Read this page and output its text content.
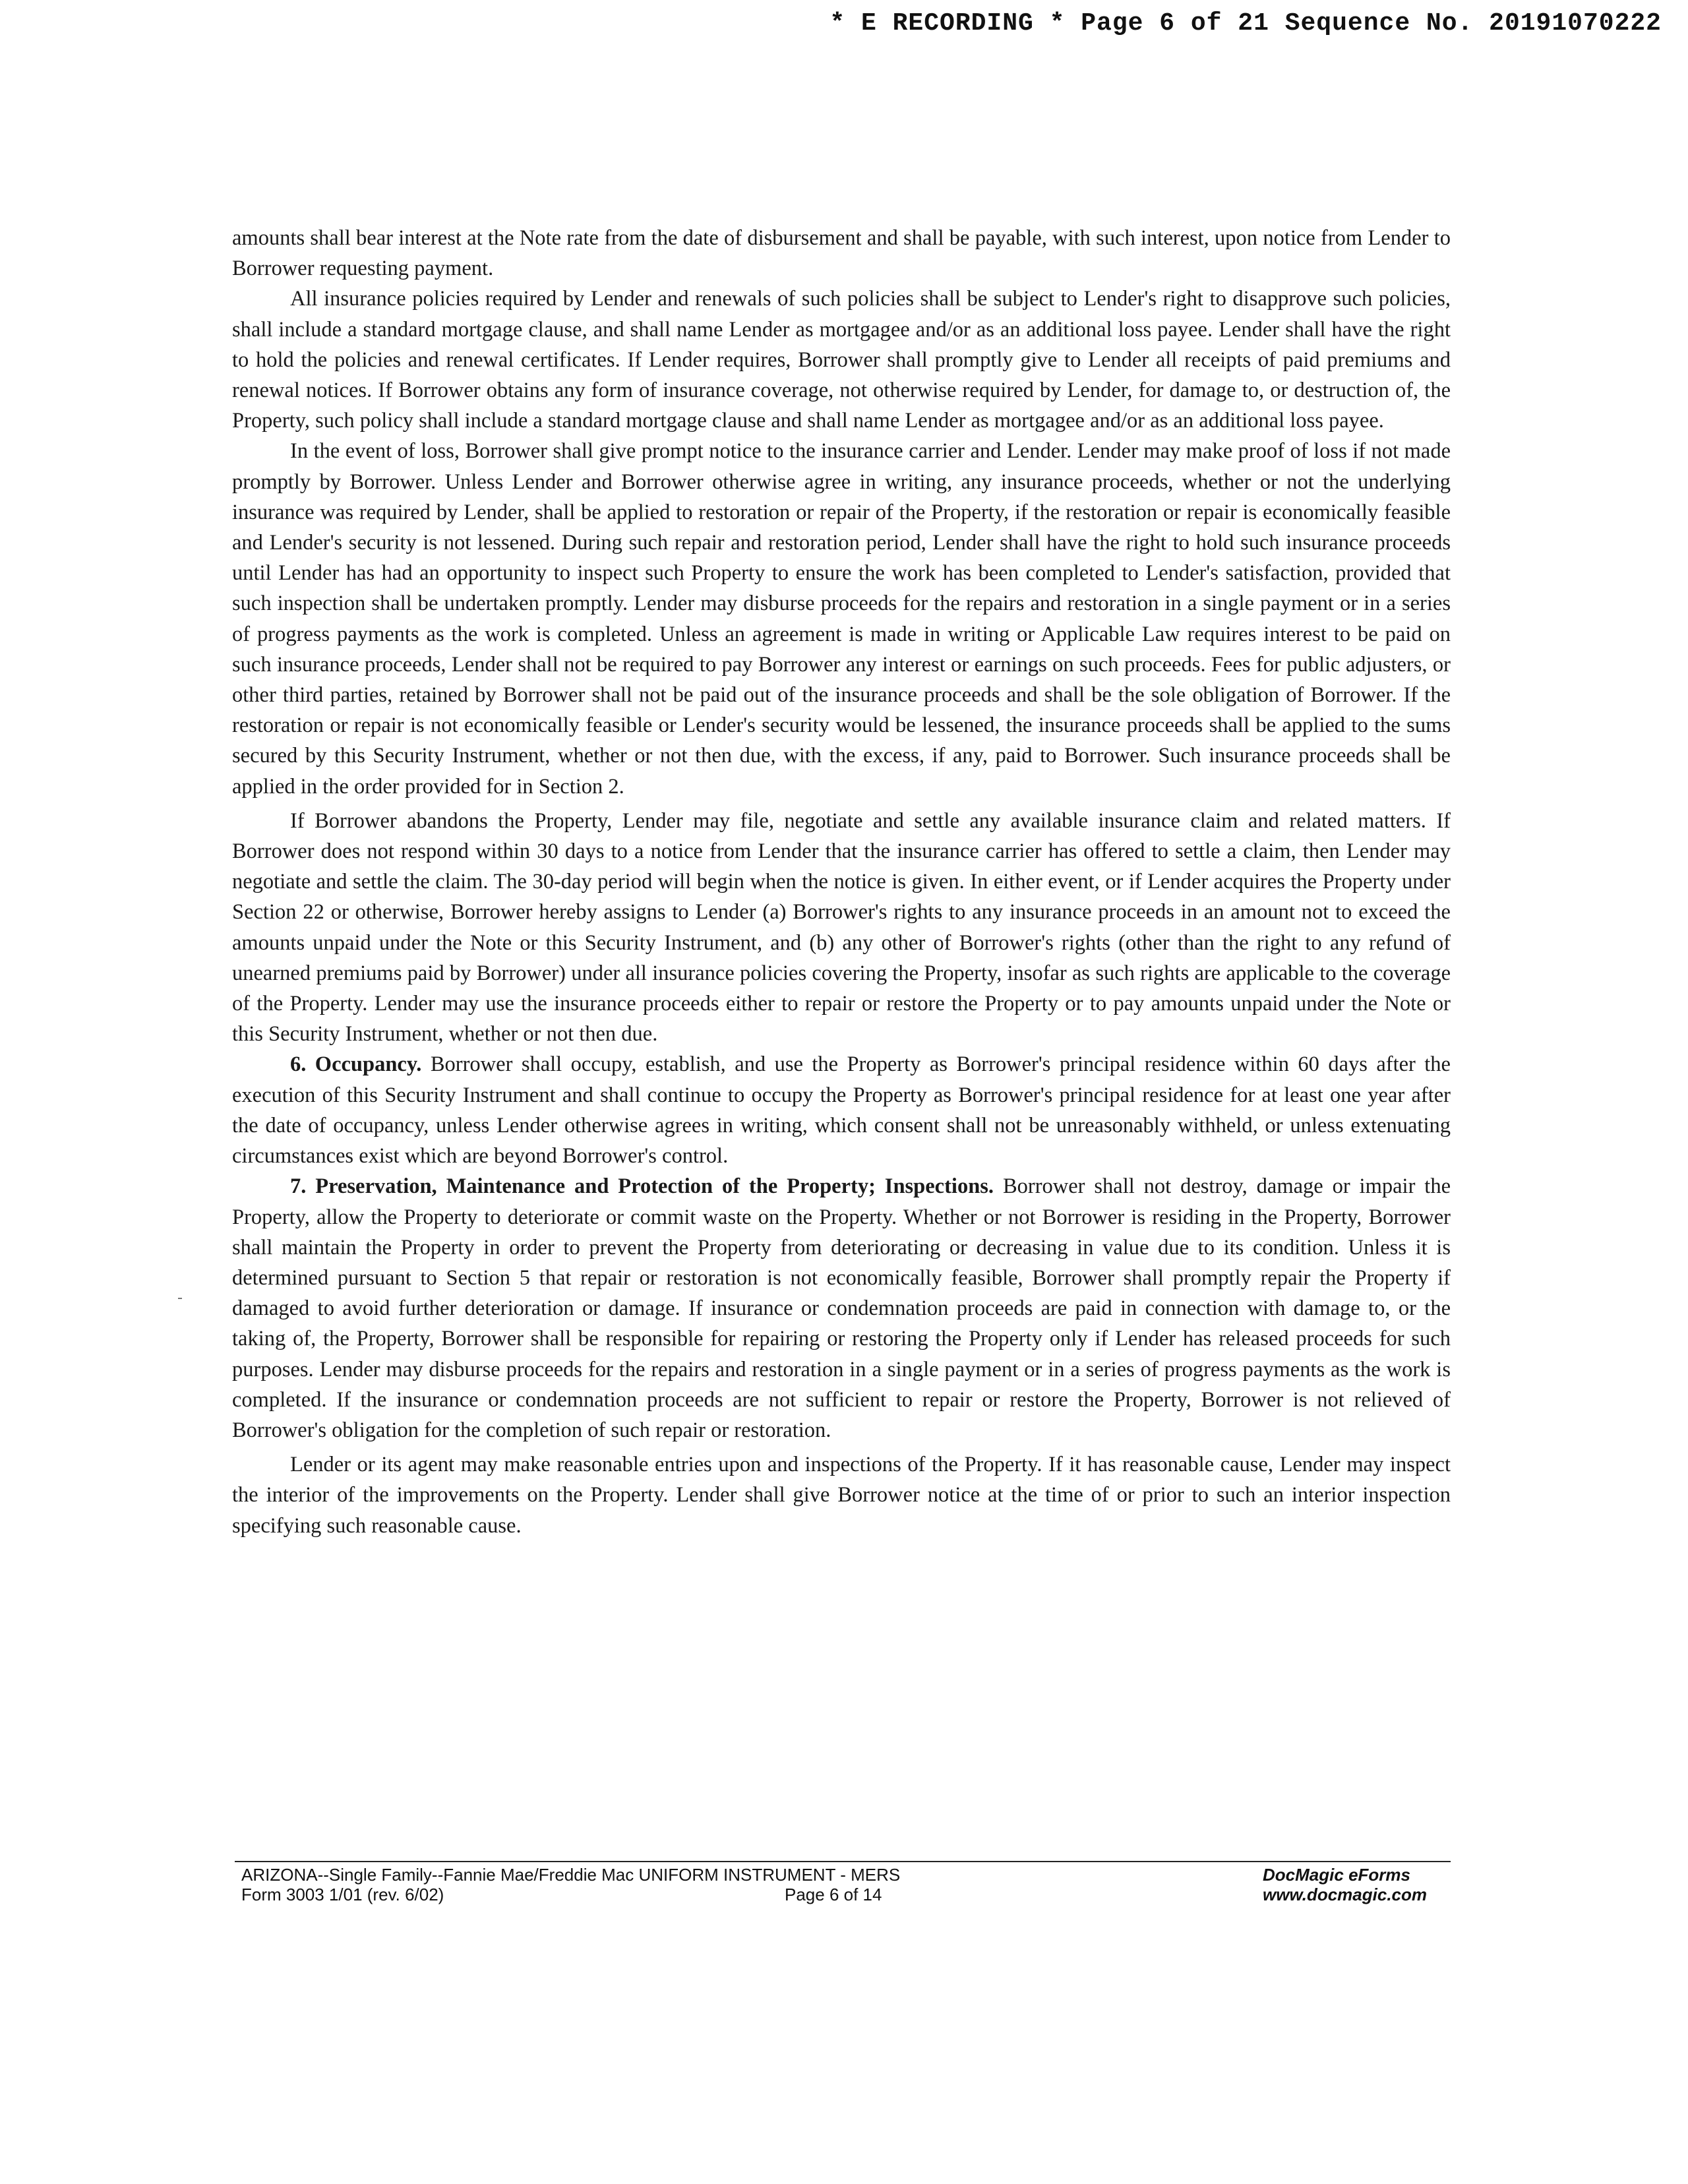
* E RECORDING * Page 6 of 21 Sequence No. 20191070222

amounts shall bear interest at the Note rate from the date of disbursement and shall be payable, with such interest, upon notice from Lender to Borrower requesting payment.

All insurance policies required by Lender and renewals of such policies shall be subject to Lender's right to disapprove such policies, shall include a standard mortgage clause, and shall name Lender as mortgagee and/or as an additional loss payee. Lender shall have the right to hold the policies and renewal certificates. If Lender requires, Borrower shall promptly give to Lender all receipts of paid premiums and renewal notices. If Borrower obtains any form of insurance coverage, not otherwise required by Lender, for damage to, or destruction of, the Property, such policy shall include a standard mortgage clause and shall name Lender as mortgagee and/or as an additional loss payee.

In the event of loss, Borrower shall give prompt notice to the insurance carrier and Lender. Lender may make proof of loss if not made promptly by Borrower. Unless Lender and Borrower otherwise agree in writing, any insurance proceeds, whether or not the underlying insurance was required by Lender, shall be applied to restoration or repair of the Property, if the restoration or repair is economically feasible and Lender's security is not lessened. During such repair and restoration period, Lender shall have the right to hold such insurance proceeds until Lender has had an opportunity to inspect such Property to ensure the work has been completed to Lender's satisfaction, provided that such inspection shall be undertaken promptly. Lender may disburse proceeds for the repairs and restoration in a single payment or in a series of progress payments as the work is completed. Unless an agreement is made in writing or Applicable Law requires interest to be paid on such insurance proceeds, Lender shall not be required to pay Borrower any interest or earnings on such proceeds. Fees for public adjusters, or other third parties, retained by Borrower shall not be paid out of the insurance proceeds and shall be the sole obligation of Borrower. If the restoration or repair is not economically feasible or Lender's security would be lessened, the insurance proceeds shall be applied to the sums secured by this Security Instrument, whether or not then due, with the excess, if any, paid to Borrower. Such insurance proceeds shall be applied in the order provided for in Section 2.

If Borrower abandons the Property, Lender may file, negotiate and settle any available insurance claim and related matters. If Borrower does not respond within 30 days to a notice from Lender that the insurance carrier has offered to settle a claim, then Lender may negotiate and settle the claim. The 30-day period will begin when the notice is given. In either event, or if Lender acquires the Property under Section 22 or otherwise, Borrower hereby assigns to Lender (a) Borrower's rights to any insurance proceeds in an amount not to exceed the amounts unpaid under the Note or this Security Instrument, and (b) any other of Borrower's rights (other than the right to any refund of unearned premiums paid by Borrower) under all insurance policies covering the Property, insofar as such rights are applicable to the coverage of the Property. Lender may use the insurance proceeds either to repair or restore the Property or to pay amounts unpaid under the Note or this Security Instrument, whether or not then due.

6. Occupancy. Borrower shall occupy, establish, and use the Property as Borrower's principal residence within 60 days after the execution of this Security Instrument and shall continue to occupy the Property as Borrower's principal residence for at least one year after the date of occupancy, unless Lender otherwise agrees in writing, which consent shall not be unreasonably withheld, or unless extenuating circumstances exist which are beyond Borrower's control.

7. Preservation, Maintenance and Protection of the Property; Inspections. Borrower shall not destroy, damage or impair the Property, allow the Property to deteriorate or commit waste on the Property. Whether or not Borrower is residing in the Property, Borrower shall maintain the Property in order to prevent the Property from deteriorating or decreasing in value due to its condition. Unless it is determined pursuant to Section 5 that repair or restoration is not economically feasible, Borrower shall promptly repair the Property if damaged to avoid further deterioration or damage. If insurance or condemnation proceeds are paid in connection with damage to, or the taking of, the Property, Borrower shall be responsible for repairing or restoring the Property only if Lender has released proceeds for such purposes. Lender may disburse proceeds for the repairs and restoration in a single payment or in a series of progress payments as the work is completed. If the insurance or condemnation proceeds are not sufficient to repair or restore the Property, Borrower is not relieved of Borrower's obligation for the completion of such repair or restoration.

Lender or its agent may make reasonable entries upon and inspections of the Property. If it has reasonable cause, Lender may inspect the interior of the improvements on the Property. Lender shall give Borrower notice at the time of or prior to such an interior inspection specifying such reasonable cause.

ARIZONA--Single Family--Fannie Mae/Freddie Mac UNIFORM INSTRUMENT - MERS
Form 3003 1/01 (rev. 6/02)	Page 6 of 14
DocMagic eForms
www.docmagic.com
